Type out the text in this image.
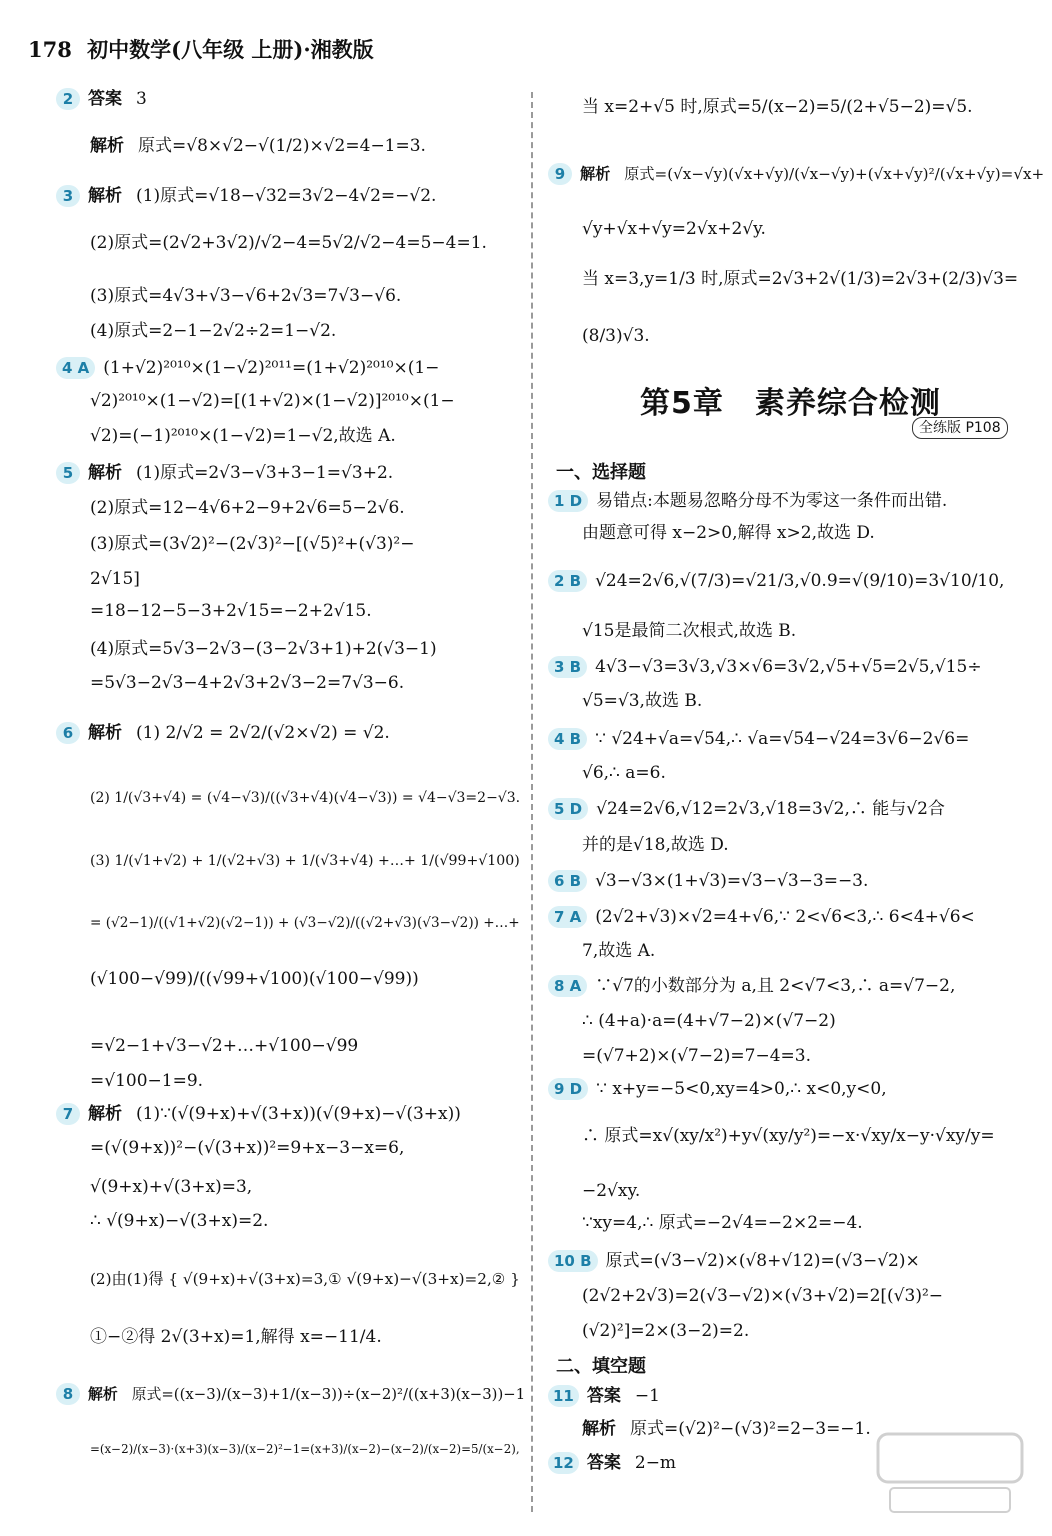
178 初中数学(八年级 上册)·湘教版
2 答案 3
解析 原式=√8×√2−√(1/2)×√2=4−1=3.
3 解析 (1)原式=√18−√32=3√2−4√2=−√2.
(2)原式=(2√2+3√2)/√2−4=5√2/√2−4=5−4=1.
(3)原式=4√3+√3−√6+2√3=7√3−√6.
(4)原式=2−1−2√2÷2=1−√2.
4 A (1+√2)²⁰¹⁰×(1−√2)²⁰¹¹=(1+√2)²⁰¹⁰×(1−
√2)²⁰¹⁰×(1−√2)=[(1+√2)×(1−√2)]²⁰¹⁰×(1−
√2)=(−1)²⁰¹⁰×(1−√2)=1−√2,故选 A.
5 解析 (1)原式=2√3−√3+3−1=√3+2.
(2)原式=12−4√6+2−9+2√6=5−2√6.
(3)原式=(3√2)²−(2√3)²−[(√5)²+(√3)²−
2√15]
=18−12−5−3+2√15=−2+2√15.
(4)原式=5√3−2√3−(3−2√3+1)+2(√3−1)
=5√3−2√3−4+2√3+2√3−2=7√3−6.
6 解析 (1) 2/√2 = 2√2/(√2×√2) = √2.
(2) 1/(√3+√4) = (√4−√3)/((√3+√4)(√4−√3)) = √4−√3=2−√3.
(3) 1/(√1+√2) + 1/(√2+√3) + 1/(√3+√4) +…+ 1/(√99+√100)
= (√2−1)/((√1+√2)(√2−1)) + (√3−√2)/((√2+√3)(√3−√2)) +…+
(√100−√99)/((√99+√100)(√100−√99))
=√2−1+√3−√2+…+√100−√99
=√100−1=9.
7 解析 (1)∵(√(9+x)+√(3+x))(√(9+x)−√(3+x))
=(√(9+x))²−(√(3+x))²=9+x−3−x=6,
√(9+x)+√(3+x)=3,
∴ √(9+x)−√(3+x)=2.
(2)由(1)得 { √(9+x)+√(3+x)=3,① √(9+x)−√(3+x)=2,② }
①−②得 2√(3+x)=1,解得 x=−11/4.
8 解析 原式=((x−3)/(x−3)+1/(x−3))÷(x−2)²/((x+3)(x−3))−1
=(x−2)/(x−3)·(x+3)(x−3)/(x−2)²−1=(x+3)/(x−2)−(x−2)/(x−2)=5/(x−2),
当 x=2+√5 时,原式=5/(x−2)=5/(2+√5−2)=√5.
9 解析 原式=(√x−√y)(√x+√y)/(√x−√y)+(√x+√y)²/(√x+√y)=√x+
√y+√x+√y=2√x+2√y.
当 x=3,y=1/3 时,原式=2√3+2√(1/3)=2√3+(2/3)√3=
(8/3)√3.
1 D 易错点:本题易忽略分母不为零这一条件而出错.
由题意可得 x−2>0,解得 x>2,故选 D.
2 B √24=2√6,√(7/3)=√21/3,√0.9=√(9/10)=3√10/10,
√15是最简二次根式,故选 B.
3 B 4√3−√3=3√3,√3×√6=3√2,√5+√5=2√5,√15÷
√5=√3,故选 B.
4 B ∵ √24+√a=√54,∴ √a=√54−√24=3√6−2√6=
√6,∴ a=6.
5 D √24=2√6,√12=2√3,√18=3√2,∴ 能与√2合
并的是√18,故选 D.
6 B √3−√3×(1+√3)=√3−√3−3=−3.
7 A (2√2+√3)×√2=4+√6,∵ 2<√6<3,∴ 6<4+√6<
7,故选 A.
8 A ∵√7的小数部分为 a,且 2<√7<3,∴ a=√7−2,
∴ (4+a)·a=(4+√7−2)×(√7−2)
=(√7+2)×(√7−2)=7−4=3.
9 D ∵ x+y=−5<0,xy=4>0,∴ x<0,y<0,
∴ 原式=x√(xy/x²)+y√(xy/y²)=−x·√xy/x−y·√xy/y=
−2√xy.
∵xy=4,∴ 原式=−2√4=−2×2=−4.
10 B 原式=(√3−√2)×(√8+√12)=(√3−√2)×
(2√2+2√3)=2(√3−√2)×(√3+√2)=2[(√3)²−
(√2)²]=2×(3−2)=2.
11 答案 −1
解析 原式=(√2)²−(√3)²=2−3=−1.
12 答案 2−m
第5章　素养综合检测
全练版 P108
一、选择题
二、填空题
